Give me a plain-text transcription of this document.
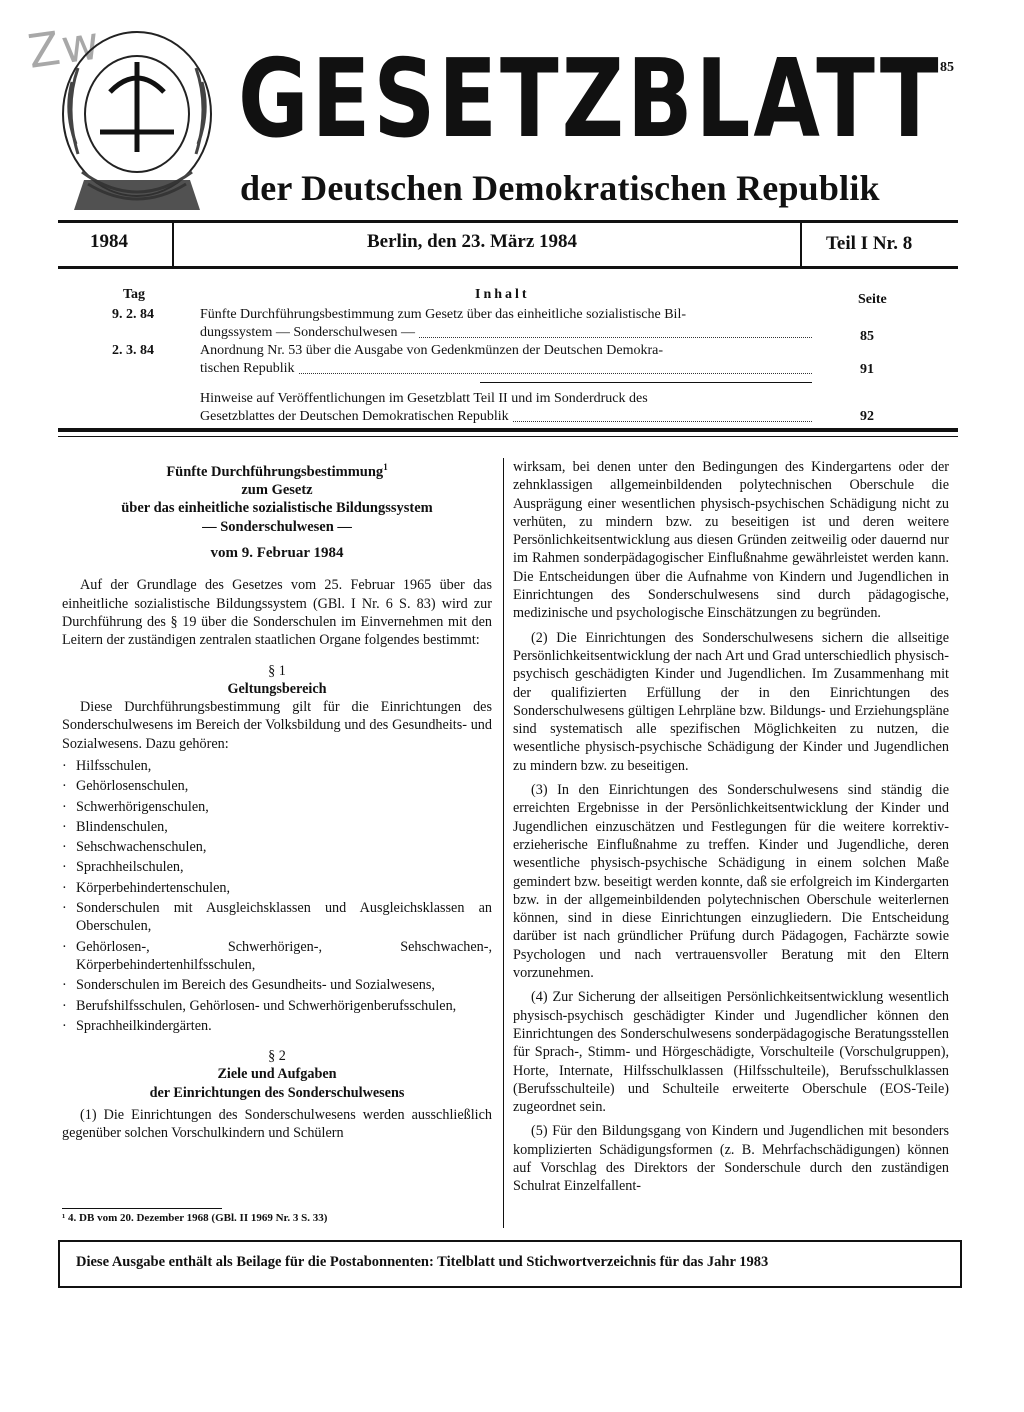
Zw GESETZBLATT
85
der Deutschen Demokratischen Republik
1984	Berlin, den 23. März 1984	Teil I Nr. 8
Tag	Inhalt	Seite
9. 2. 84	Fünfte Durchführungsbestimmung zum Gesetz über das einheitliche sozialistische Bil-
dungssystem — Sonderschulwesen —	85
2. 3. 84	Anordnung Nr. 53 über die Ausgabe von Gedenkmünzen der Deutschen Demokra-
tischen Republik	91
Hinweise auf Veröffentlichungen im Gesetzblatt Teil II und im Sonderdruck des
Gesetzblattes der Deutschen Demokratischen Republik	92
Fünfte Durchführungsbestimmung$^1$
zum Gesetz
über das einheitliche sozialistische Bildungssystem
— Sonderschulwesen —
vom 9. Februar 1984

Auf der Grundlage des Gesetzes vom 25. Februar 1965 über das einheitliche sozialistische Bildungssystem (GBl. I Nr. 6 S. 83) wird zur Durchführung des § 19 über die Sonderschulen im Einvernehmen mit den Leitern der zuständigen zentralen staatlichen Organe folgendes bestimmt:

§ 1
Geltungsbereich

Diese Durchführungsbestimmung gilt für die Einrichtungen des Sonderschulwesens im Bereich der Volksbildung und des Gesundheits- und Sozialwesens. Dazu gehören:

· Hilfsschulen,
· Gehörlosenschulen,
· Schwerhörigenschulen,
· Blindenschulen,
· Sehschwachenschulen,
· Sprachheilschulen,
· Körperbehindertenschulen,
· Sonderschulen mit Ausgleichsklassen und Ausgleichsklassen an Oberschulen,
· Gehörlosen-, Schwerhörigen-, Sehschwachen-, Körperbehindertenhilfsschulen,
· Sonderschulen im Bereich des Gesundheits- und Sozialwesens,
· Berufshilfsschulen, Gehörlosen- und Schwerhörigenberufsschulen,
· Sprachheilkindergärten.
§ 2
Ziele und Aufgaben
der Einrichtungen des Sonderschulwesens

(1) Die Einrichtungen des Sonderschulwesens werden ausschließlich gegenüber solchen Vorschulkindern und Schülern

¹ 4. DB vom 20. Dezember 1968 (GBl. II 1969 Nr. 3 S. 33)

wirksam, bei denen unter den Bedingungen des Kindergartens oder der zehnklassigen allgemeinbildenden polytechnischen Oberschule die Ausprägung einer wesentlichen physisch-psychischen Schädigung nicht zu verhüten, zu mindern bzw. zu beseitigen ist und deren weitere Persönlichkeitsentwicklung aus diesen Gründen zeitweilig oder dauernd nur im Rahmen sonderpädagogischer Einflußnahme gewährleistet werden kann. Die Entscheidungen über die Aufnahme von Kindern und Jugendlichen in Einrichtungen des Sonderschulwesens sind durch pädagogische, medizinische und psychologische Einschätzungen zu begründen.

(2) Die Einrichtungen des Sonderschulwesens sichern die allseitige Persönlichkeitsentwicklung der nach Art und Grad unterschiedlich physisch-psychisch geschädigten Kinder und Jugendlichen. Im Zusammenhang mit der qualifizierten Erfüllung der in den Einrichtungen des Sonderschulwesens gültigen Lehrpläne bzw. Bildungs- und Erziehungspläne sind systematisch alle spezifischen Möglichkeiten zu nutzen, die wesentliche physisch-psychische Schädigung der Kinder und Jugendlichen zu mindern bzw. zu beseitigen.

(3) In den Einrichtungen des Sonderschulwesens sind ständig die erreichten Ergebnisse in der Persönlichkeitsentwicklung der Kinder und Jugendlichen einzuschätzen und Festlegungen für die weitere korrektiv-erzieherische Einflußnahme zu treffen. Kinder und Jugendliche, deren wesentliche physisch-psychische Schädigung in einem solchen Maße gemindert bzw. beseitigt werden konnte, daß sie erfolgreich im Kindergarten bzw. in der allgemeinbildenden polytechnischen Oberschule weiterlernen können, sind in diese Einrichtungen einzugliedern. Die Entscheidung darüber ist nach gründlicher Prüfung durch Pädagogen, Fachärzte sowie Psychologen und nach vertrauensvoller Beratung mit den Eltern vorzunehmen.

(4) Zur Sicherung der allseitigen Persönlichkeitsentwicklung wesentlich physisch-psychisch geschädigter Kinder und Jugendlicher können den Einrichtungen des Sonderschulwesens sonderpädagogische Beratungsstellen für Sprach-, Stimm- und Hörgeschädigte, Vorschulteile (Vorschulgruppen), Horte, Internate, Hilfsschulklassen (Hilfsschulteile), Berufsschulklassen (Berufsschulteile) und Schulteile erweiterte Oberschule (EOS-Teile) zugeordnet sein.

(5) Für den Bildungsgang von Kindern und Jugendlichen mit besonders komplizierten Schädigungsformen (z. B. Mehrfachschädigungen) können auf Vorschlag des Direktors der Sonderschule durch den zuständigen Schulrat Einzelfallent-

Diese Ausgabe enthält als Beilage für die Postabonnenten: Titelblatt und Stichwortverzeichnis für das Jahr 1983
